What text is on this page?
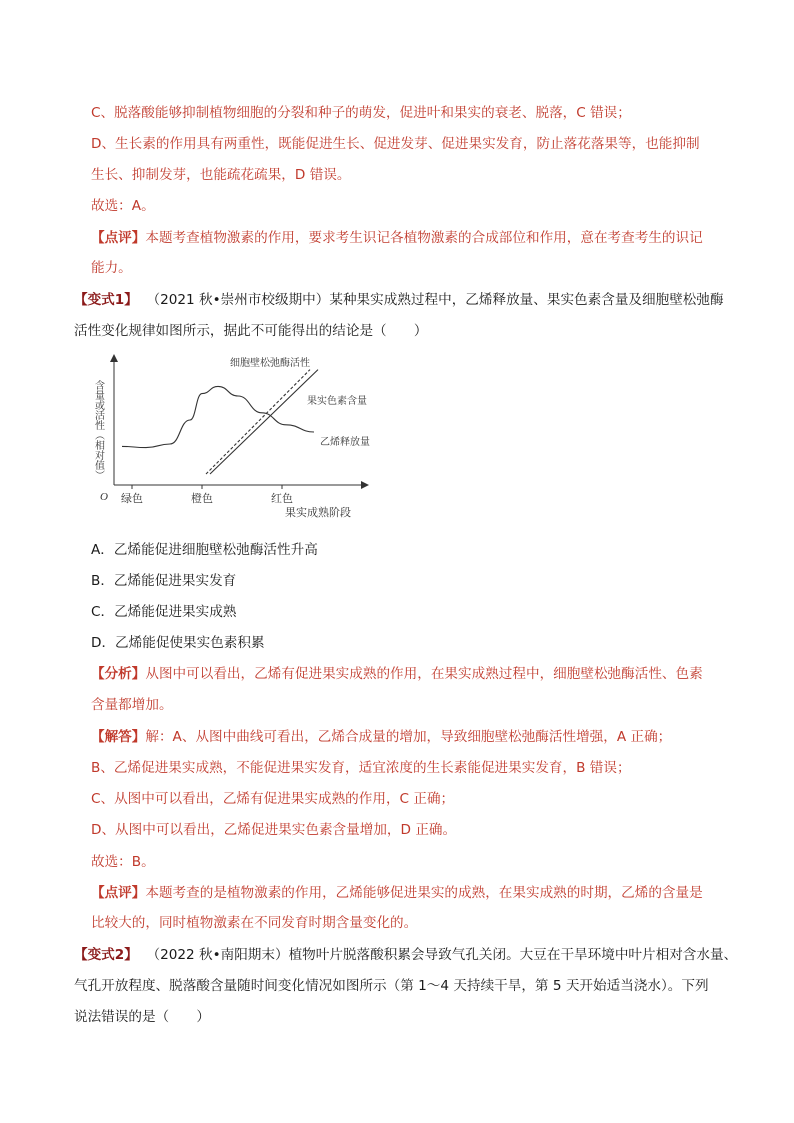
C、脱落酸能够抑制植物细胞的分裂和种子的萌发，促进叶和果实的衰老、脱落，C 错误；
D、生长素的作用具有两重性，既能促进生长、促进发芽、促进果实发育，防止落花落果等，也能抑制
生长、抑制发芽，也能疏花疏果，D 错误。
故选：A。
【点评】本题考查植物激素的作用，要求考生识记各植物激素的合成部位和作用，意在考查考生的识记
能力。
【变式1】 （2021 秋•崇州市校级期中）某种果实成熟过程中，乙烯释放量、果实色素含量及细胞壁松弛酶
活性变化规律如图所示，据此不可能得出的结论是（　　）
含量或活性（相对值）
O 绿色	橙色	红色
细胞壁松弛酶活性
果实色素含量
乙烯释放量
果实成熟阶段
A．乙烯能促进细胞壁松弛酶活性升高
B．乙烯能促进果实发育
C．乙烯能促进果实成熟
D．乙烯能促使果实色素积累
【分析】从图中可以看出，乙烯有促进果实成熟的作用，在果实成熟过程中，细胞壁松弛酶活性、色素
含量都增加。
【解答】解：A、从图中曲线可看出，乙烯合成量的增加，导致细胞壁松弛酶活性增强，A 正确；
B、乙烯促进果实成熟，不能促进果实发育，适宜浓度的生长素能促进果实发育，B 错误；
C、从图中可以看出，乙烯有促进果实成熟的作用，C 正确；
D、从图中可以看出，乙烯促进果实色素含量增加，D 正确。
故选：B。
【点评】本题考查的是植物激素的作用，乙烯能够促进果实的成熟，在果实成熟的时期，乙烯的含量是
比较大的，同时植物激素在不同发育时期含量变化的。
【变式2】 （2022 秋•南阳期末）植物叶片脱落酸积累会导致气孔关闭。大豆在干旱环境中叶片相对含水量、
气孔开放程度、脱落酸含量随时间变化情况如图所示（第 1～4 天持续干旱，第 5 天开始适当浇水）。下列
说法错误的是（　　）
